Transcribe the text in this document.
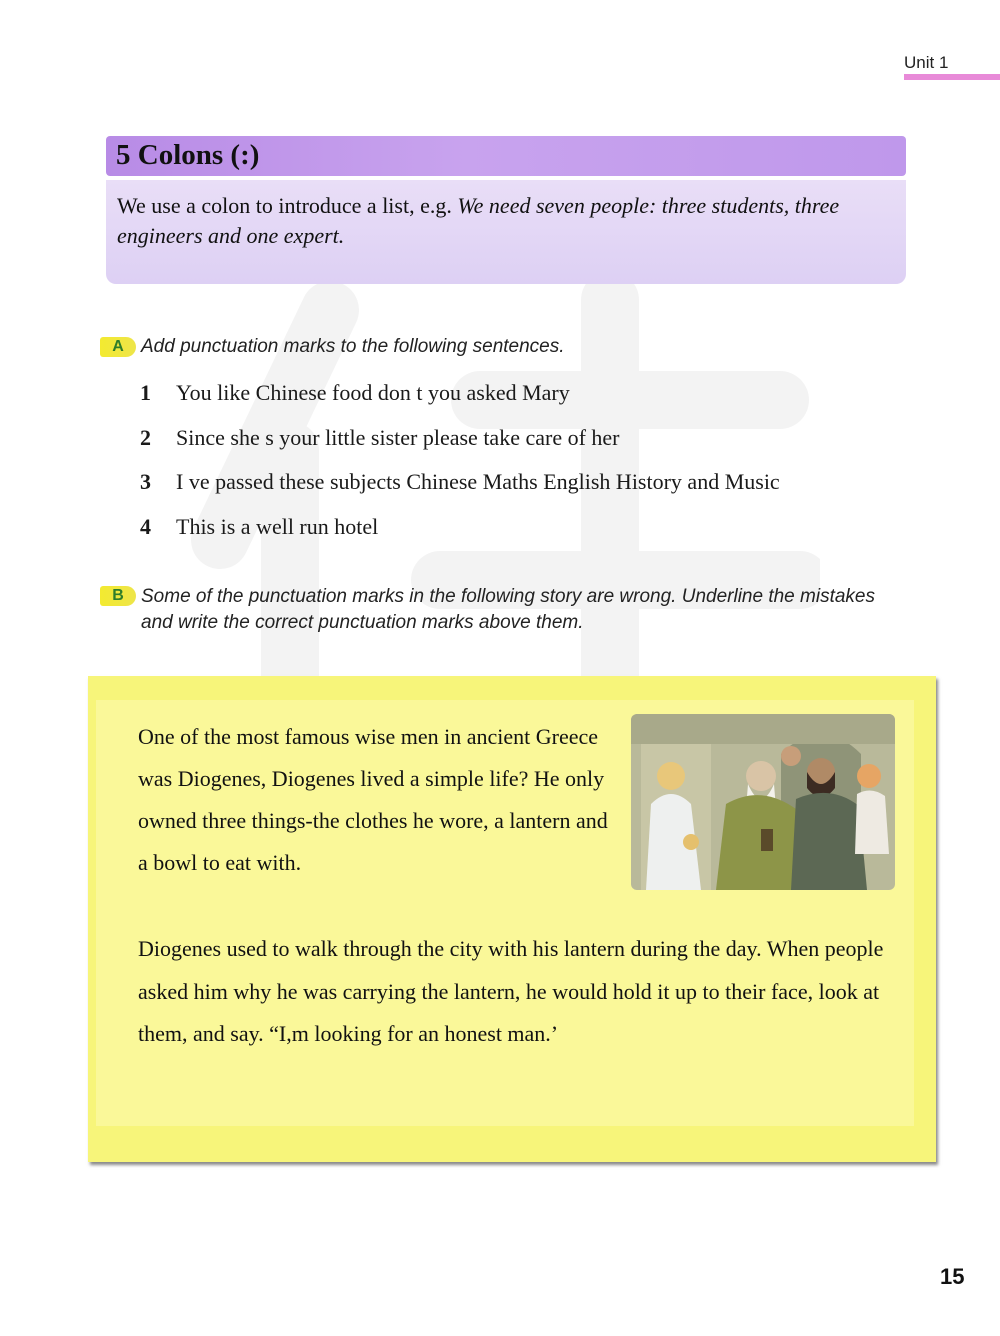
Unit 1
5 Colons (:)
We use a colon to introduce a list, e.g. We need seven people: three students, three engineers and one expert.
A Add punctuation marks to the following sentences.
1	You like Chinese food don t you asked Mary
2	Since she s your little sister please take care of her
3	I ve passed these subjects Chinese Maths English History and Music
4	This is a well run hotel
B Some of the punctuation marks in the following story are wrong. Underline the mistakes and write the correct punctuation marks above them.
One of the most famous wise men in ancient Greece was Diogenes, Diogenes lived a simple life? He only owned three things-the clothes he wore, a lantern and a bowl to eat with.
Diogenes used to walk through the city with his lantern during the day. When people asked him why he was carrying the lantern, he would hold it up to their face, look at them, and say. “I,m looking for an honest man.’
15
